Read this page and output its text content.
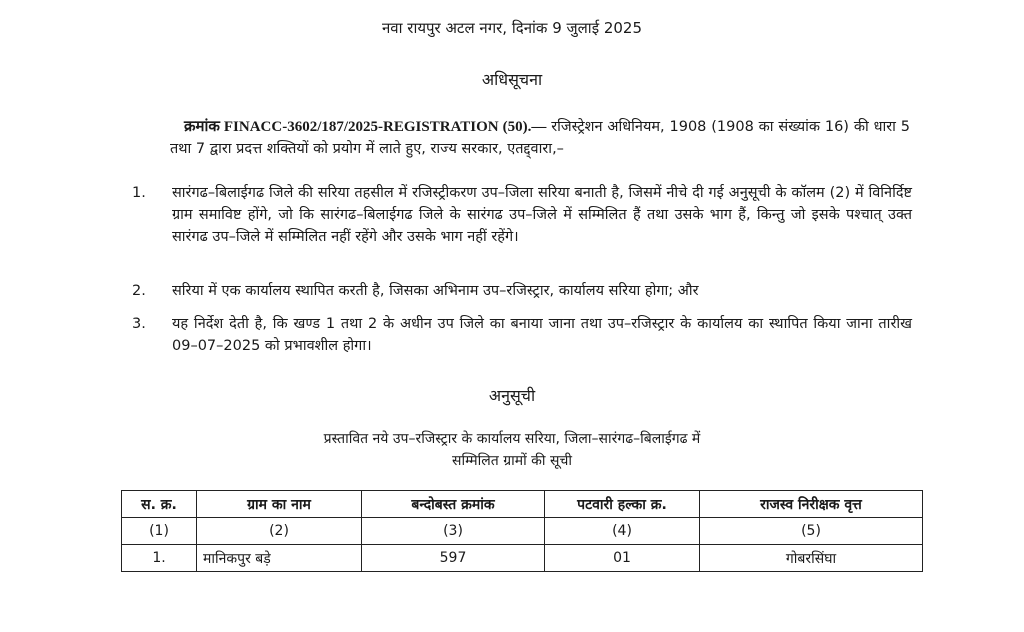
नवा रायपुर अटल नगर, दिनांक 9 जुलाई 2025
अधिसूचना
क्रमांक FINACC-3602/187/2025-REGISTRATION (50).— रजिस्ट्रेशन अधिनियम, 1908 (1908 का संख्यांक 16) की धारा 5 तथा 7 द्वारा प्रदत्त शक्तियों को प्रयोग में लाते हुए, राज्य सरकार, एतद्द्वारा,–
1.	सारंगढ–बिलाईगढ जिले की सरिया तहसील में रजिस्ट्रीकरण उप–जिला सरिया बनाती है, जिसमें नीचे दी गई अनुसूची के कॉलम (2) में विनिर्दिष्ट ग्राम समाविष्ट होंगे, जो कि सारंगढ–बिलाईगढ जिले के सारंगढ उप–जिले में सम्मिलित हैं तथा उसके भाग हैं, किन्तु जो इसके पश्चात् उक्त सारंगढ उप–जिले में सम्मिलित नहीं रहेंगे और उसके भाग नहीं रहेंगे।
2.	सरिया में एक कार्यालय स्थापित करती है, जिसका अभिनाम उप–रजिस्ट्रार, कार्यालय सरिया होगा; और
3.	यह निर्देश देती है, कि खण्ड 1 तथा 2 के अधीन उप जिले का बनाया जाना तथा उप–रजिस्ट्रार के कार्यालय का स्थापित किया जाना तारीख 09–07–2025 को प्रभावशील होगा।
अनुसूची
प्रस्तावित नये उप–रजिस्ट्रार के कार्यालय सरिया, जिला–सारंगढ–बिलाईगढ में
सम्मिलित ग्रामों की सूची
स. क्र.	ग्राम का नाम	बन्दोबस्त क्रमांक	पटवारी हल्का क्र.	राजस्व निरीक्षक वृत्त
(1)	(2)	(3)	(4)	(5)
1.	मानिकपुर बड़े	597	01	गोबरसिंघा
